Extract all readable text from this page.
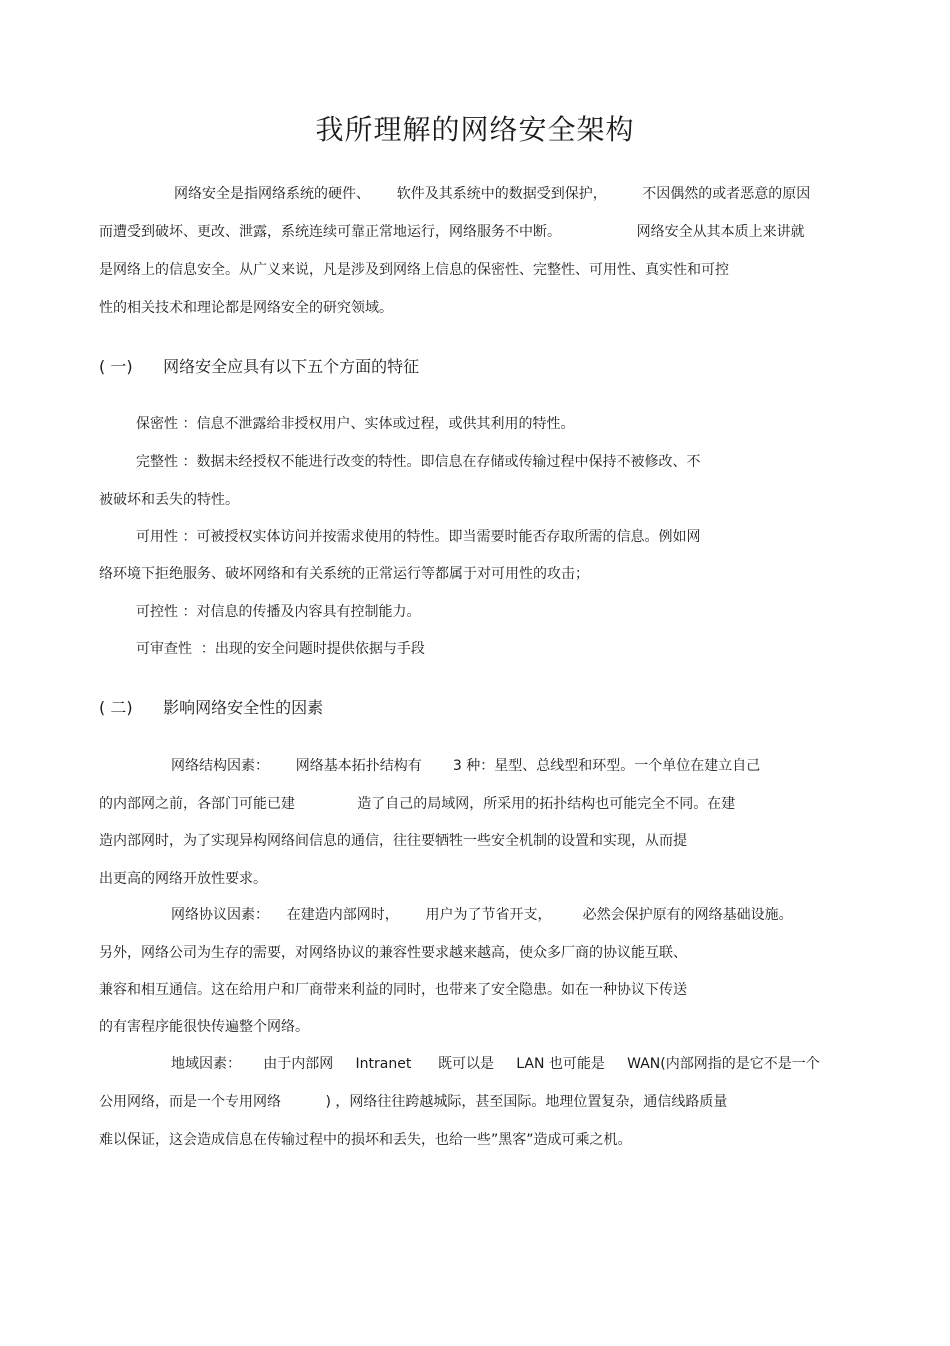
我所理解的网络安全架构
网络安全是指网络系统的硬件、      软件及其系统中的数据受到保护，        不因偶然的或者恶意的原因
而遭受到破坏、更改、泄露，系统连续可靠正常地运行，网络服务不中断。                 网络安全从其本质上来讲就
是网络上的信息安全。从广义来说，凡是涉及到网络上信息的保密性、完整性、可用性、真实性和可控
性的相关技术和理论都是网络安全的研究领域。
( 一)      网络安全应具有以下五个方面的特征
保密性 ：信息不泄露给非授权用户、实体或过程，或供其利用的特性。
完整性 ：数据未经授权不能进行改变的特性。即信息在存储或传输过程中保持不被修改、不
被破坏和丢失的特性。
可用性 ：可被授权实体访问并按需求使用的特性。即当需要时能否存取所需的信息。例如网
络环境下拒绝服务、破坏网络和有关系统的正常运行等都属于对可用性的攻击；
可控性 ：对信息的传播及内容具有控制能力。
可审查性  ：出现的安全问题时提供依据与手段
( 二)      影响网络安全性的因素
网络结构因素：      网络基本拓扑结构有       3 种：星型、总线型和环型。一个单位在建立自己
的内部网之前，各部门可能已建              造了自己的局域网，所采用的拓扑结构也可能完全不同。在建
造内部网时，为了实现异构网络间信息的通信，往往要牺牲一些安全机制的设置和实现，从而提
出更高的网络开放性要求。
网络协议因素：    在建造内部网时，      用户为了节省开支，       必然会保护原有的网络基础设施。
另外，网络公司为生存的需要，对网络协议的兼容性要求越来越高，使众多厂商的协议能互联、
兼容和相互通信。这在给用户和厂商带来利益的同时，也带来了安全隐患。如在一种协议下传送
的有害程序能很快传遍整个网络。
地域因素：     由于内部网     Intranet      既可以是     LAN 也可能是     WAN(内部网指的是它不是一个
公用网络，而是一个专用网络          ) ，网络往往跨越城际，甚至国际。地理位置复杂，通信线路质量
难以保证，这会造成信息在传输过程中的损坏和丢失，也给一些”黑客”造成可乘之机。
